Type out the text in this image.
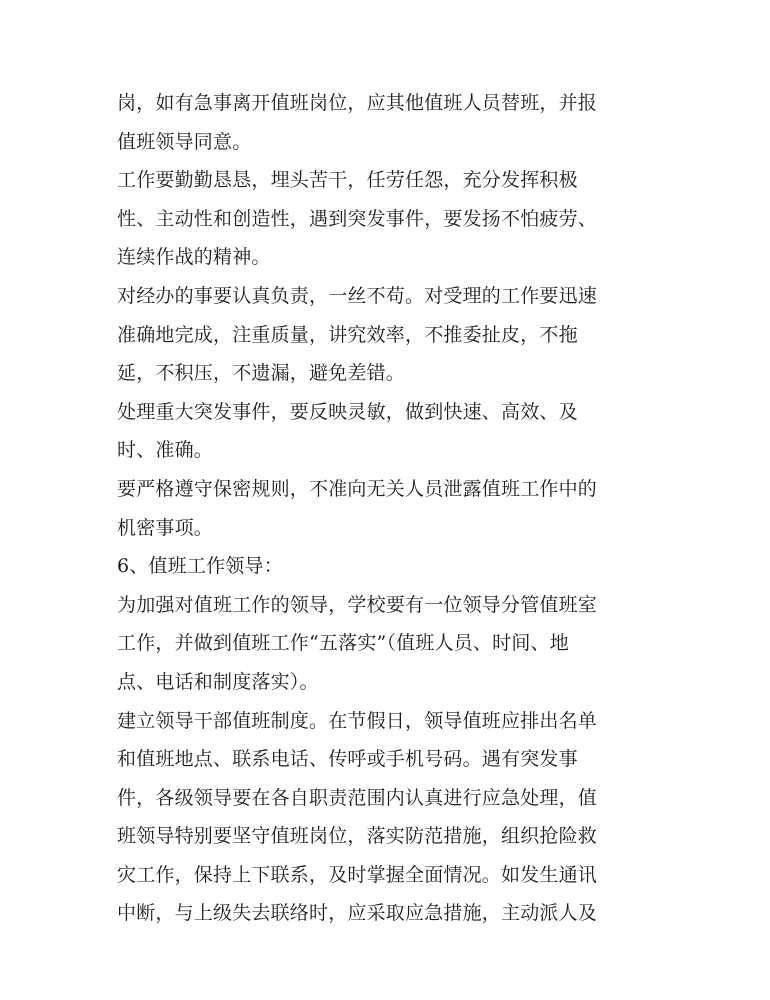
岗，如有急事离开值班岗位，应其他值班人员替班，并报
值班领导同意。
工作要勤勤恳恳，埋头苦干，任劳任怨，充分发挥积极
性、主动性和创造性，遇到突发事件，要发扬不怕疲劳、
连续作战的精神。
对经办的事要认真负责，一丝不苟。对受理的工作要迅速
准确地完成，注重质量，讲究效率，不推委扯皮，不拖
延，不积压，不遗漏，避免差错。
处理重大突发事件，要反映灵敏，做到快速、高效、及
时、准确。
要严格遵守保密规则，不准向无关人员泄露值班工作中的
机密事项。
6、值班工作领导：
为加强对值班工作的领导，学校要有一位领导分管值班室
工作，并做到值班工作“五落实”（值班人员、时间、地
点、电话和制度落实）。
建立领导干部值班制度。在节假日，领导值班应排出名单
和值班地点、联系电话、传呼或手机号码。遇有突发事
件，各级领导要在各自职责范围内认真进行应急处理，值
班领导特别要坚守值班岗位，落实防范措施，组织抢险救
灾工作，保持上下联系，及时掌握全面情况。如发生通讯
中断，与上级失去联络时，应采取应急措施，主动派人及
